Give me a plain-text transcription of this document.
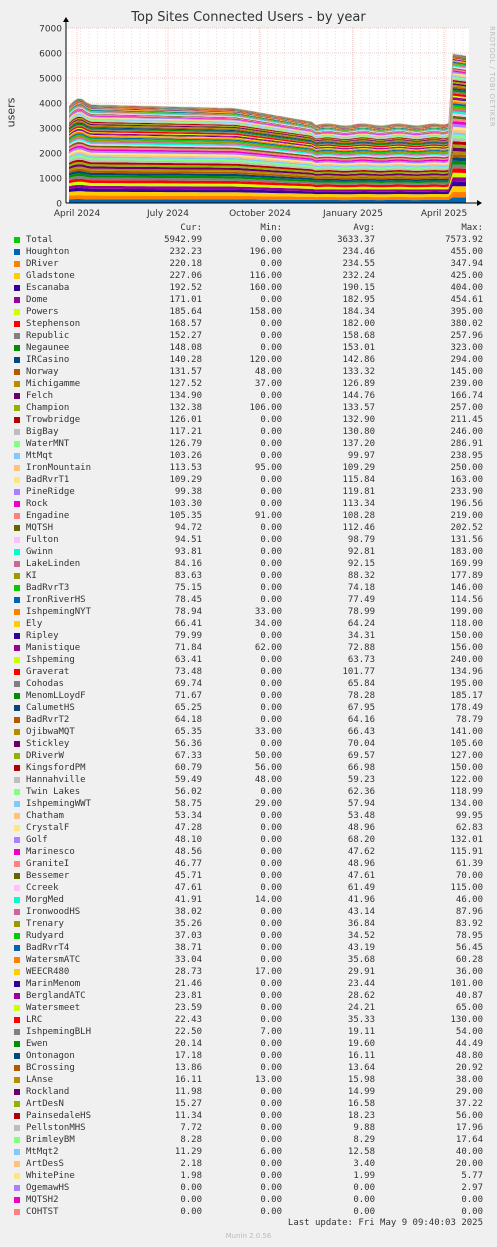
Top Sites Connected Users - by year
users	RRDTOOL / TOBI OETIKER
0
1000
2000
3000
4000
5000
6000
7000
April 2024	July 2024	October 2024	January 2025	April 2025
Cur:	Min:	Avg:	Max:
Total	5942.99	0.00	3633.37	7573.92
Houghton	232.23	196.00	234.46	455.00
DRiver	220.18	0.00	234.55	347.94
Gladstone	227.06	116.00	232.24	425.00
Escanaba	192.52	160.00	190.15	404.00
Dome	171.01	0.00	182.95	454.61
Powers	185.64	158.00	184.34	395.00
Stephenson	168.57	0.00	182.00	380.02
Republic	152.27	0.00	158.68	257.96
Negaunee	148.08	0.00	153.01	323.00
IRCasino	140.28	120.00	142.86	294.00
Norway	131.57	48.00	133.32	145.00
Michigamme	127.52	37.00	126.89	239.00
Felch	134.90	0.00	144.76	166.74
Champion	132.38	106.00	133.57	257.00
Trowbridge	126.01	0.00	132.90	211.45
BigBay	117.21	0.00	130.80	246.00
WaterMNT	126.79	0.00	137.20	286.91
MtMqt	103.26	0.00	99.97	238.95
IronMountain	113.53	95.00	109.29	250.00
BadRvrT1	109.29	0.00	115.84	163.00
PineRidge	99.38	0.00	119.81	233.90
Rock	103.30	0.00	113.34	196.56
Engadine	105.35	91.00	108.28	219.00
MQTSH	94.72	0.00	112.46	202.52
Fulton	94.51	0.00	98.79	131.56
Gwinn	93.81	0.00	92.81	183.00
LakeLinden	84.16	0.00	92.15	169.99
KI	83.63	0.00	88.32	177.89
BadRvrT3	75.15	0.00	74.18	146.00
IronRiverHS	78.45	0.00	77.49	114.56
IshpemingNYT	78.94	33.00	78.99	199.00
Ely	66.41	34.00	64.24	118.00
Ripley	79.99	0.00	34.31	150.00
Manistique	71.84	62.00	72.88	156.00
Ishpeming	63.41	0.00	63.73	240.00
Graverat	73.48	0.00	101.77	134.96
Cohodas	69.74	0.00	65.84	195.00
MenomLLoydF	71.67	0.00	78.28	185.17
CalumetHS	65.25	0.00	67.95	178.49
BadRvrT2	64.18	0.00	64.16	78.79
OjibwaMQT	65.35	33.00	66.43	141.00
Stickley	56.36	0.00	70.04	105.60
DRiverW	67.33	50.00	69.57	127.00
KingsfordPM	60.79	56.00	66.98	150.00
Hannahville	59.49	48.00	59.23	122.00
Twin Lakes	56.02	0.00	62.36	118.99
IshpemingWWT	58.75	29.00	57.94	134.00
Chatham	53.34	0.00	53.48	99.95
CrystalF	47.28	0.00	48.96	62.83
Golf	48.10	0.00	68.20	132.01
Marinesco	48.56	0.00	47.62	115.91
GraniteI	46.77	0.00	48.96	61.39
Bessemer	45.71	0.00	47.61	70.00
Ccreek	47.61	0.00	61.49	115.00
MorgMed	41.91	14.00	41.96	46.00
IronwoodHS	38.02	0.00	43.14	87.96
Trenary	35.26	0.00	36.84	83.92
Rudyard	37.03	0.00	34.52	78.95
BadRvrT4	38.71	0.00	43.19	56.45
WatersmATC	33.04	0.00	35.68	60.28
WEECR480	28.73	17.00	29.91	36.00
MarinMenom	21.46	0.00	23.44	101.00
BerglandATC	23.81	0.00	28.62	40.87
Watersmeet	23.59	0.00	24.21	65.00
LRC	22.43	0.00	35.33	130.00
IshpemingBLH	22.50	7.00	19.11	54.00
Ewen	20.14	0.00	19.60	44.49
Ontonagon	17.18	0.00	16.11	48.80
BCrossing	13.86	0.00	13.64	20.92
LAnse	16.11	13.00	15.98	38.00
Rockland	11.98	0.00	14.99	29.00
ArtDesN	15.27	0.00	16.58	37.22
PainsedaleHS	11.34	0.00	18.23	56.00
PellstonMHS	7.72	0.00	9.88	17.96
BrimleyBM	8.28	0.00	8.29	17.64
MtMqt2	11.29	6.00	12.58	40.00
ArtDesS	2.18	0.00	3.40	20.00
WhitePine	1.98	0.00	1.99	5.77
OgemawHS	0.00	0.00	0.00	2.97
MQTSH2	0.00	0.00	0.00	0.00
COHTST	0.00	0.00	0.00	0.00
Last update: Fri May 9 09:40:03 2025
Munin 2.0.56
